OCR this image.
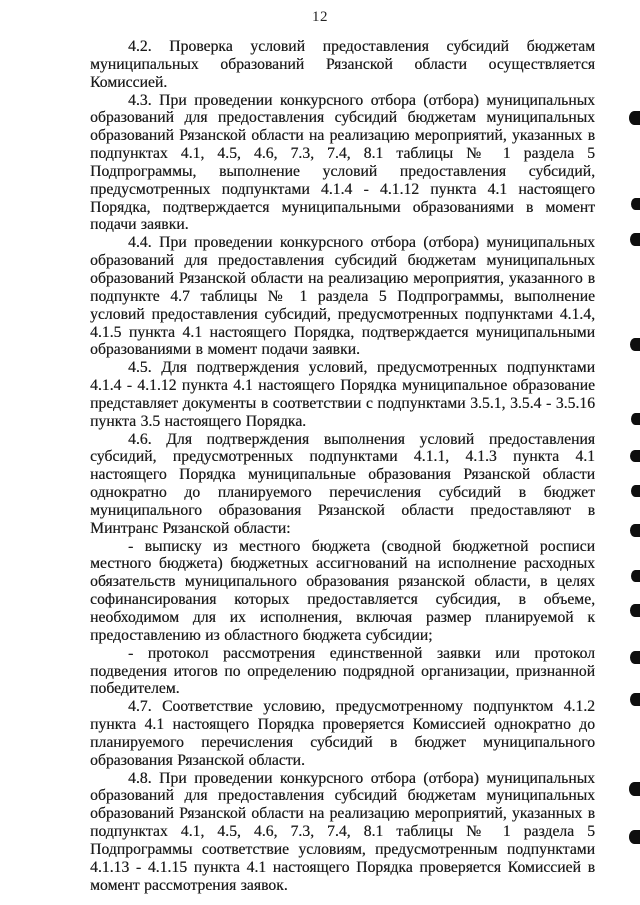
12

4.2. Проверка условий предоставления субсидий бюджетам муниципальных образований Рязанской области осуществляется Комиссией.

4.3. При проведении конкурсного отбора (отбора) муниципальных образований для предоставления субсидий бюджетам муниципальных образований Рязанской области на реализацию мероприятий, указанных в подпунктах 4.1, 4.5, 4.6, 7.3, 7.4, 8.1 таблицы № 1 раздела 5 Подпрограммы, выполнение условий предоставления субсидий, предусмотренных подпунктами 4.1.4 - 4.1.12 пункта 4.1 настоящего Порядка, подтверждается муниципальными образованиями в момент подачи заявки.

4.4. При проведении конкурсного отбора (отбора) муниципальных образований для предоставления субсидий бюджетам муниципальных образований Рязанской области на реализацию мероприятия, указанного в подпункте 4.7 таблицы № 1 раздела 5 Подпрограммы, выполнение условий предоставления субсидий, предусмотренных подпунктами 4.1.4, 4.1.5 пункта 4.1 настоящего Порядка, подтверждается муниципальными образованиями в момент подачи заявки.

4.5. Для подтверждения условий, предусмотренных подпунктами 4.1.4 - 4.1.12 пункта 4.1 настоящего Порядка муниципальное образование представляет документы в соответствии с подпунктами 3.5.1, 3.5.4 - 3.5.16 пункта 3.5 настоящего Порядка.

4.6. Для подтверждения выполнения условий предоставления субсидий, предусмотренных подпунктами 4.1.1, 4.1.3 пункта 4.1 настоящего Порядка муниципальные образования Рязанской области однократно до планируемого перечисления субсидий в бюджет муниципального образования Рязанской области предоставляют в Минтранс Рязанской области:

- выписку из местного бюджета (сводной бюджетной росписи местного бюджета) бюджетных ассигнований на исполнение расходных обязательств муниципального образования рязанской области, в целях софинансирования которых предоставляется субсидия, в объеме, необходимом для их исполнения, включая размер планируемой к предоставлению из областного бюджета субсидии;

- протокол рассмотрения единственной заявки или протокол подведения итогов по определению подрядной организации, признанной победителем.

4.7. Соответствие условию, предусмотренному подпунктом 4.1.2 пункта 4.1 настоящего Порядка проверяется Комиссией однократно до планируемого перечисления субсидий в бюджет муниципального образования Рязанской области.

4.8. При проведении конкурсного отбора (отбора) муниципальных образований для предоставления субсидий бюджетам муниципальных образований Рязанской области на реализацию мероприятий, указанных в подпунктах 4.1, 4.5, 4.6, 7.3, 7.4, 8.1 таблицы № 1 раздела 5 Подпрограммы соответствие условиям, предусмотренным подпунктами 4.1.13 - 4.1.15 пункта 4.1 настоящего Порядка проверяется Комиссией в момент рассмотрения заявок.
